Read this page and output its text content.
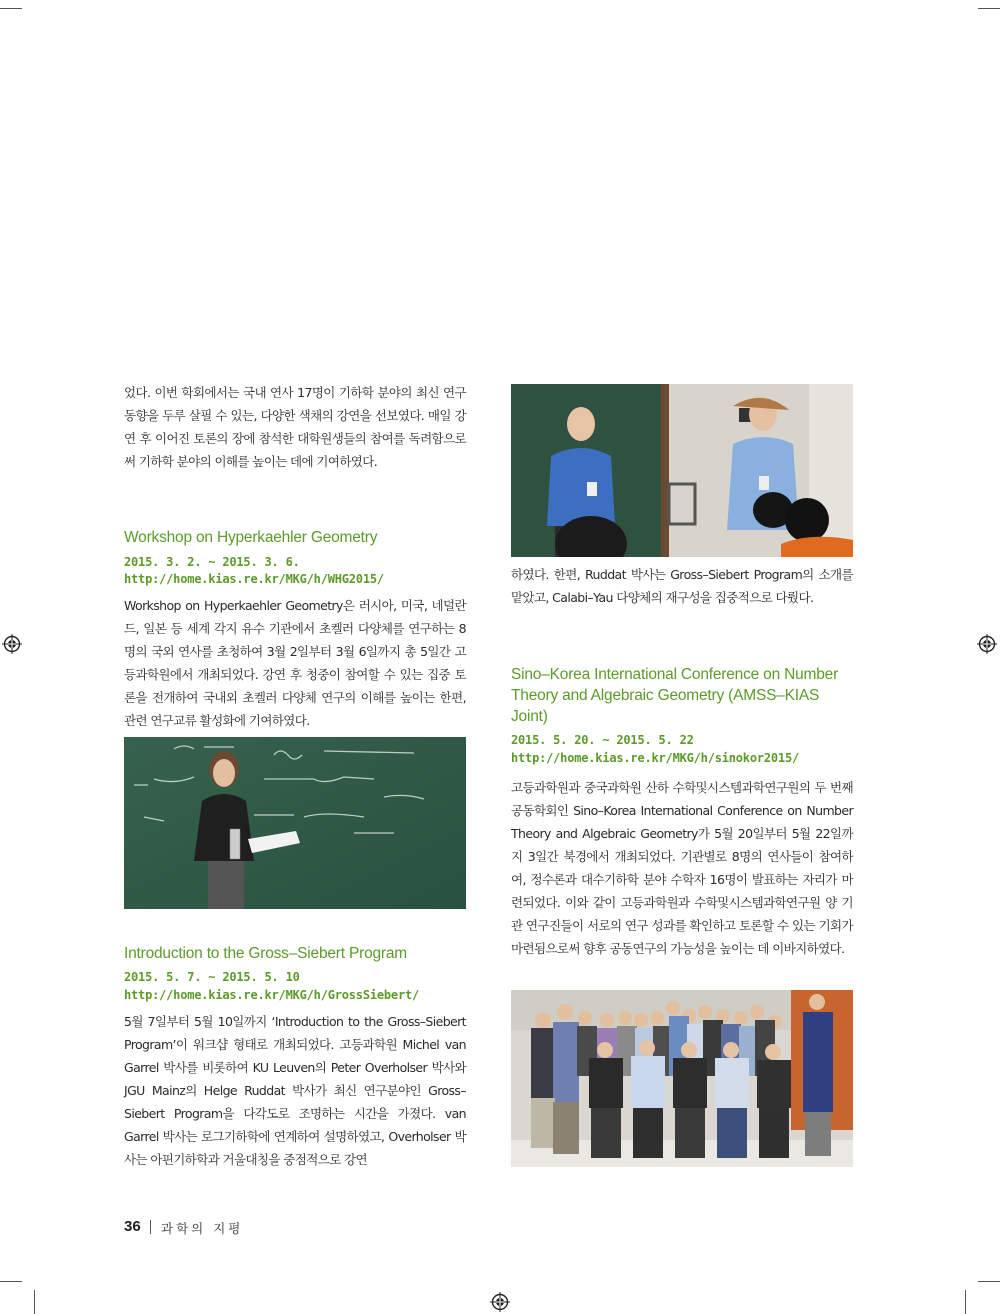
었다. 이번 학회에서는 국내 연사 17명이 기하학 분야의 최신 연구 동향을 두루 살필 수 있는, 다양한 색채의 강연을 선보였다. 매일 강연 후 이어진 토론의 장에 참석한 대학원생들의 참여를 독려함으로써 기하학 분야의 이해를 높이는 데에 기여하였다.

Workshop on Hyperkaehler Geometry

2015. 3. 2. ~ 2015. 3. 6.

http://home.kias.re.kr/MKG/h/WHG2015/

Workshop on Hyperkaehler Geometry은 러시아, 미국, 네덜란드, 일본 등 세계 각지 유수 기관에서 초켈러 다양체를 연구하는 8명의 국외 연사를 초청하여 3월 2일부터 3월 6일까지 총 5일간 고등과학원에서 개최되었다. 강연 후 청중이 참여할 수 있는 집중 토론을 전개하여 국내외 초켈러 다양체 연구의 이해를 높이는 한편, 관련 연구교류 활성화에 기여하였다.

Introduction to the Gross–Siebert Program

2015. 5. 7. ~ 2015. 5. 10

http://home.kias.re.kr/MKG/h/GrossSiebert/

5월 7일부터 5월 10일까지 ‘Introduction to the Gross–Siebert Program’이 워크샵 형태로 개최되었다. 고등과학원 Michel van Garrel 박사를 비롯하여 KU Leuven의 Peter Overholser 박사와 JGU Mainz의 Helge Ruddat 박사가 최신 연구분야인 Gross–Siebert Program을 다각도로 조명하는 시간을 가졌다. van Garrel 박사는 로그기하학에 연계하여 설명하였고, Overholser 박사는 아핀기하학과 거울대칭을 중점적으로 강연

하였다. 한편, Ruddat 박사는 Gross–Siebert Program의 소개를 맡았고, Calabi–Yau 다양체의 재구성을 집중적으로 다뤘다.

Sino–Korea International Conference on Number Theory and Algebraic Geometry (AMSS–KIAS Joint)

2015. 5. 20. ~ 2015. 5. 22

http://home.kias.re.kr/MKG/h/sinokor2015/

고등과학원과 중국과학원 산하 수학및시스템과학연구원의 두 번째 공동학회인 Sino–Korea International Conference on Number Theory and Algebraic Geometry가 5월 20일부터 5월 22일까지 3일간 북경에서 개최되었다. 기관별로 8명의 연사들이 참여하여, 정수론과 대수기하학 분야 수학자 16명이 발표하는 자리가 마련되었다. 이와 같이 고등과학원과 수학및시스템과학연구원 양 기관 연구진들이 서로의 연구 성과를 확인하고 토론할 수 있는 기회가 마련됨으로써 향후 공동연구의 가능성을 높이는 데 이바지하였다.

36 과학의 지평
